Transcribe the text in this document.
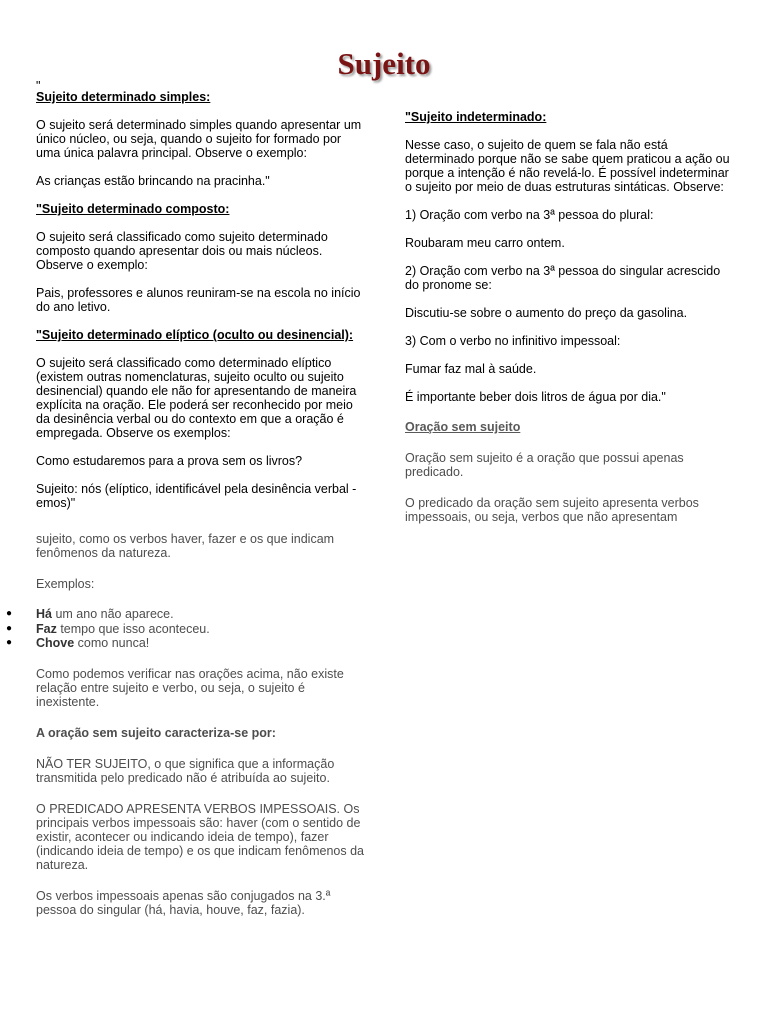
Sujeito

"

Sujeito determinado simples:

O sujeito será determinado simples quando apresentar um único núcleo, ou seja, quando o sujeito for formado por uma única palavra principal. Observe o exemplo:

As crianças estão brincando na pracinha."

"Sujeito determinado composto:

O sujeito será classificado como sujeito determinado composto quando apresentar dois ou mais núcleos. Observe o exemplo:

Pais, professores e alunos reuniram-se na escola no início do ano letivo.

"Sujeito determinado elíptico (oculto ou desinencial):

O sujeito será classificado como determinado elíptico (existem outras nomenclaturas, sujeito oculto ou sujeito desinencial) quando ele não for apresentando de maneira explícita na oração. Ele poderá ser reconhecido por meio da desinência verbal ou do contexto em que a oração é empregada. Observe os exemplos:

Como estudaremos para a prova sem os livros?

Sujeito: nós (elíptico, identificável pela desinência verbal -emos)"

sujeito, como os verbos haver, fazer e os que indicam fenômenos da natureza.

Exemplos:

● Há um ano não aparece.
● Faz tempo que isso aconteceu.
● Chove como nunca!

Como podemos verificar nas orações acima, não existe relação entre sujeito e verbo, ou seja, o sujeito é inexistente.

A oração sem sujeito caracteriza-se por:

NÃO TER SUJEITO, o que significa que a informação transmitida pelo predicado não é atribuída ao sujeito.

O PREDICADO APRESENTA VERBOS IMPESSOAIS. Os principais verbos impessoais são: haver (com o sentido de existir, acontecer ou indicando ideia de tempo), fazer (indicando ideia de tempo) e os que indicam fenômenos da natureza.

Os verbos impessoais apenas são conjugados na 3.ª pessoa do singular (há, havia, houve, faz, fazia).

"Sujeito indeterminado:

Nesse caso, o sujeito de quem se fala não está determinado porque não se sabe quem praticou a ação ou porque a intenção é não revelá-lo. É possível indeterminar o sujeito por meio de duas estruturas sintáticas. Observe:

1) Oração com verbo na 3ª pessoa do plural:

Roubaram meu carro ontem.

2) Oração com verbo na 3ª pessoa do singular acrescido do pronome se:

Discutiu-se sobre o aumento do preço da gasolina.

3) Com o verbo no infinitivo impessoal:

Fumar faz mal à saúde.

É importante beber dois litros de água por dia."

Oração sem sujeito

Oração sem sujeito é a oração que possui apenas predicado.

O predicado da oração sem sujeito apresenta verbos impessoais, ou seja, verbos que não apresentam
